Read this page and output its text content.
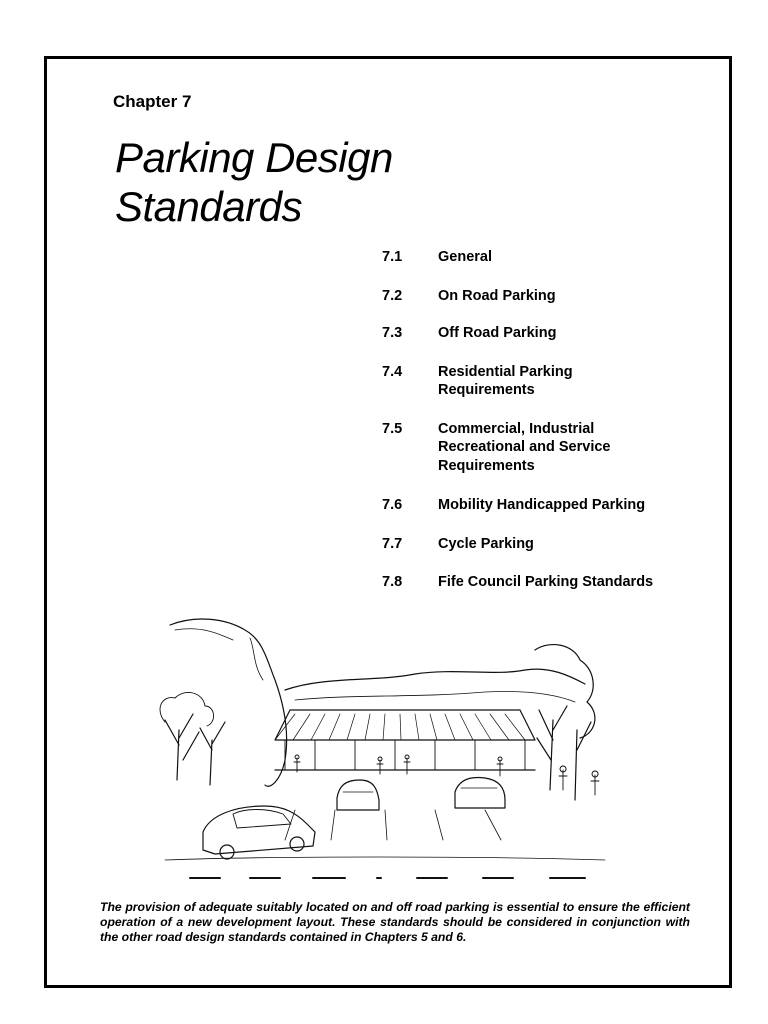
Chapter 7
Parking Design
Standards
7.1	General
7.2	On Road Parking
7.3	Off Road Parking
7.4	Residential Parking
Requirements
7.5	Commercial, Industrial
Recreational and Service
Requirements
7.6	Mobility Handicapped Parking
7.7	Cycle Parking
7.8	Fife Council Parking Standards

The provision of adequate suitably located on and off road parking is essential to ensure the efficient operation of a new development layout. These standards should be considered in conjunction with the other road design standards contained in Chapters 5 and 6.
